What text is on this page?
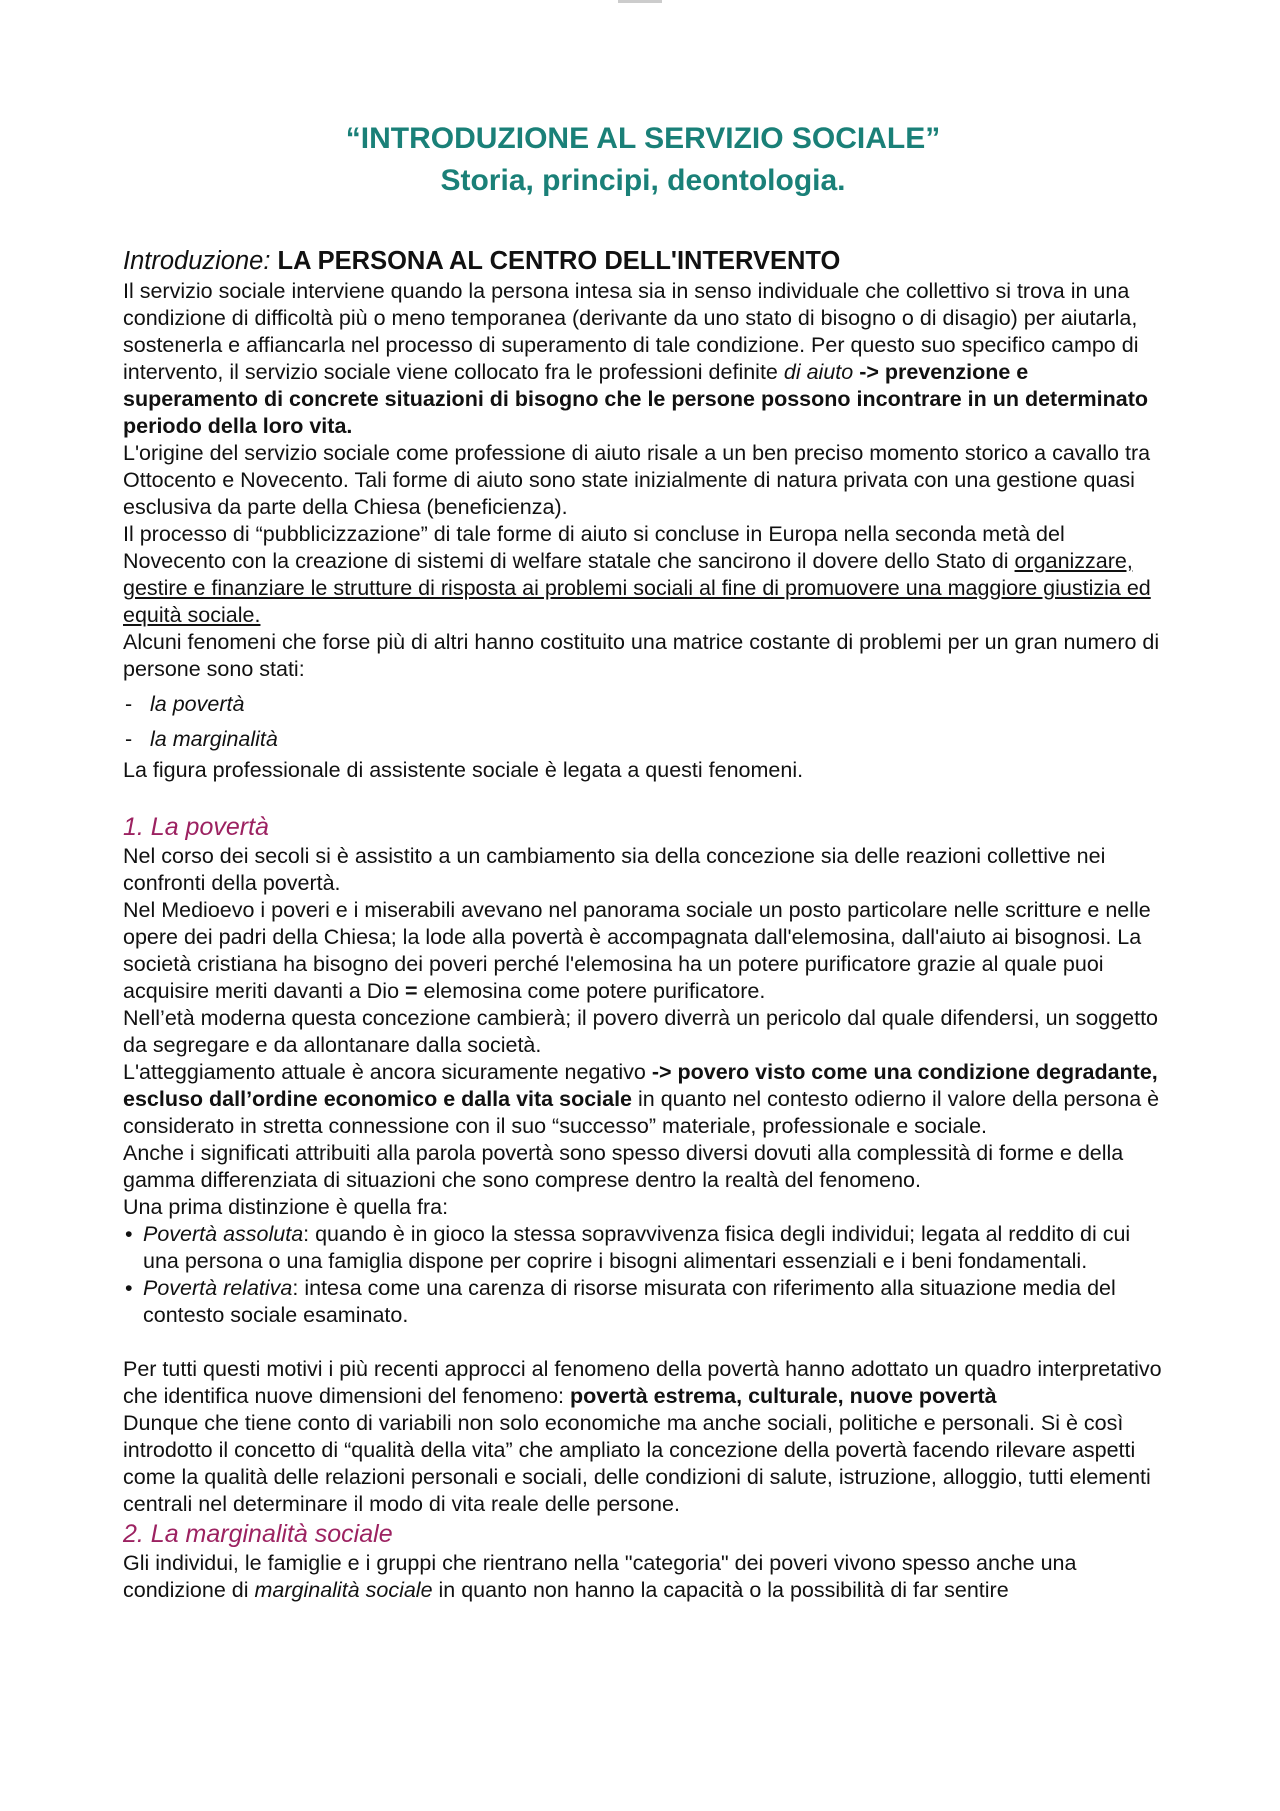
“INTRODUZIONE AL SERVIZIO SOCIALE”
Storia, principi, deontologia.

Introduzione: LA PERSONA AL CENTRO DELL'INTERVENTO

Il servizio sociale interviene quando la persona intesa sia in senso individuale che collettivo si trova in una condizione di difficoltà più o meno temporanea (derivante da uno stato di bisogno o di disagio) per aiutarla, sostenerla e affiancarla nel processo di superamento di tale condizione. Per questo suo specifico campo di intervento, il servizio sociale viene collocato fra le professioni definite di aiuto -> prevenzione e superamento di concrete situazioni di bisogno che le persone possono incontrare in un determinato periodo della loro vita.

L'origine del servizio sociale come professione di aiuto risale a un ben preciso momento storico a cavallo tra Ottocento e Novecento. Tali forme di aiuto sono state inizialmente di natura privata con una gestione quasi esclusiva da parte della Chiesa (beneficienza).

Il processo di “pubblicizzazione” di tale forme di aiuto si concluse in Europa nella seconda metà del Novecento con la creazione di sistemi di welfare statale che sancirono il dovere dello Stato di organizzare, gestire e finanziare le strutture di risposta ai problemi sociali al fine di promuovere una maggiore giustizia ed equità sociale.

Alcuni fenomeni che forse più di altri hanno costituito una matrice costante di problemi per un gran numero di persone sono stati:

- la povertà
- la marginalità

La figura professionale di assistente sociale è legata a questi fenomeni.

1. La povertà

Nel corso dei secoli si è assistito a un cambiamento sia della concezione sia delle reazioni collettive nei confronti della povertà.

Nel Medioevo i poveri e i miserabili avevano nel panorama sociale un posto particolare nelle scritture e nelle opere dei padri della Chiesa; la lode alla povertà è accompagnata dall'elemosina, dall'aiuto ai bisognosi. La società cristiana ha bisogno dei poveri perché l'elemosina ha un potere purificatore grazie al quale puoi acquisire meriti davanti a Dio = elemosina come potere purificatore.

Nell’età moderna questa concezione cambierà; il povero diverrà un pericolo dal quale difendersi, un soggetto da segregare e da allontanare dalla società.

L'atteggiamento attuale è ancora sicuramente negativo -> povero visto come una condizione degradante, escluso dall’ordine economico e dalla vita sociale in quanto nel contesto odierno il valore della persona è considerato in stretta connessione con il suo “successo” materiale, professionale e sociale.

Anche i significati attribuiti alla parola povertà sono spesso diversi dovuti alla complessità di forme e della gamma differenziata di situazioni che sono comprese dentro la realtà del fenomeno.

Una prima distinzione è quella fra:

• Povertà assoluta: quando è in gioco la stessa sopravvivenza fisica degli individui; legata al reddito di cui una persona o una famiglia dispone per coprire i bisogni alimentari essenziali e i beni fondamentali.
• Povertà relativa: intesa come una carenza di risorse misurata con riferimento alla situazione media del contesto sociale esaminato.

Per tutti questi motivi i più recenti approcci al fenomeno della povertà hanno adottato un quadro interpretativo che identifica nuove dimensioni del fenomeno: povertà estrema, culturale, nuove povertà

Dunque che tiene conto di variabili non solo economiche ma anche sociali, politiche e personali. Si è così introdotto il concetto di “qualità della vita” che ampliato la concezione della povertà facendo rilevare aspetti come la qualità delle relazioni personali e sociali, delle condizioni di salute, istruzione, alloggio, tutti elementi centrali nel determinare il modo di vita reale delle persone.

2. La marginalità sociale

Gli individui, le famiglie e i gruppi che rientrano nella "categoria" dei poveri vivono spesso anche una condizione di marginalità sociale in quanto non hanno la capacità o la possibilità di far sentire
